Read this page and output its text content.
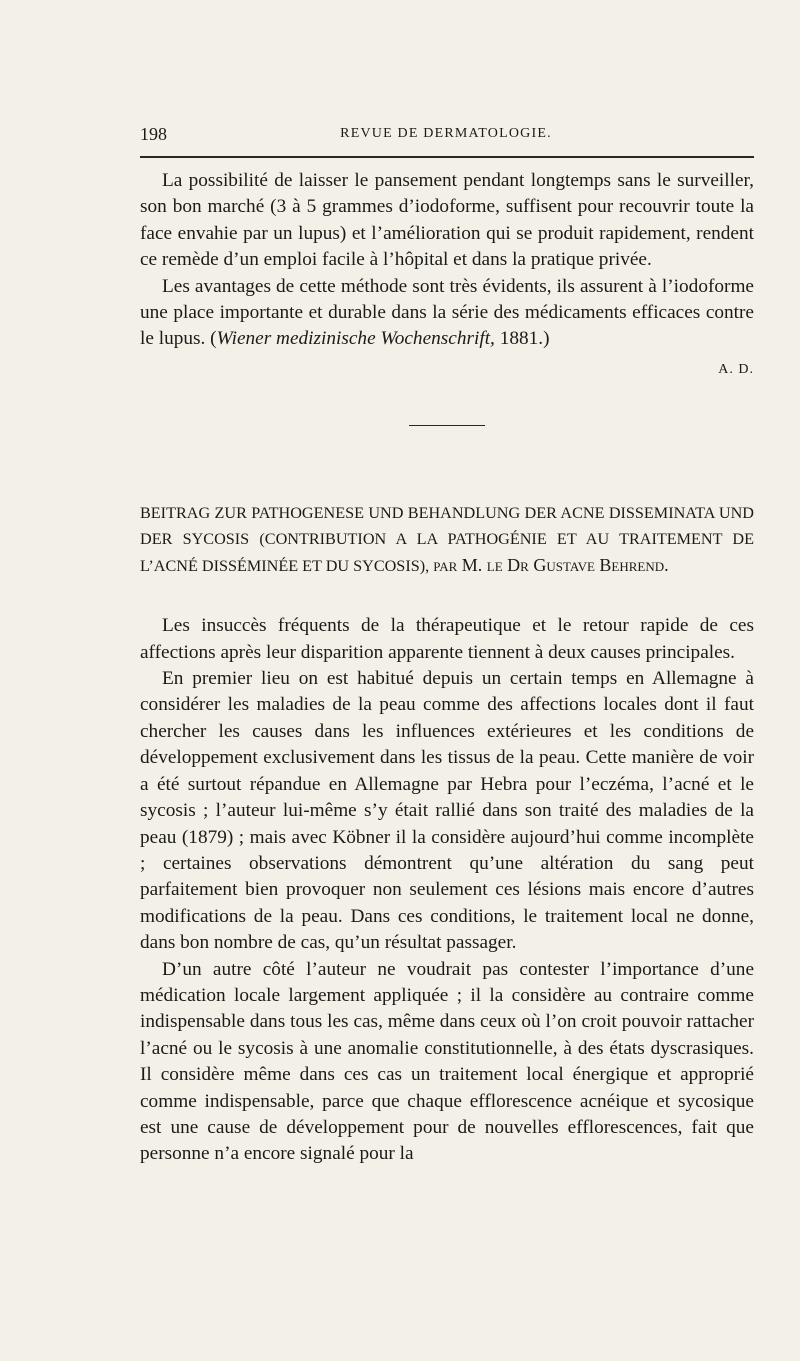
198	REVUE DE DERMATOLOGIE.

La possibilité de laisser le pansement pendant longtemps sans le surveiller, son bon marché (3 à 5 grammes d’iodoforme, suffisent pour recouvrir toute la face envahie par un lupus) et l’amélioration qui se produit rapidement, rendent ce remède d’un emploi facile à l’hôpital et dans la pratique privée.

Les avantages de cette méthode sont très évidents, ils assurent à l’iodoforme une place importante et durable dans la série des médicaments efficaces contre le lupus. (Wiener medizinische Wochenschrift, 1881.)

A. D.

BEITRAG ZUR PATHOGENESE UND BEHANDLUNG DER ACNE DISSEMINATA UND DER SYCOSIS (CONTRIBUTION A LA PATHOGÉNIE ET AU TRAITEMENT DE L’ACNÉ DISSÉMINÉE ET DU SYCOSIS), par M. le Dr Gustave Behrend.

Les insuccès fréquents de la thérapeutique et le retour rapide de ces affections après leur disparition apparente tiennent à deux causes principales.

En premier lieu on est habitué depuis un certain temps en Allemagne à considérer les maladies de la peau comme des affections locales dont il faut chercher les causes dans les influences extérieures et les conditions de développement exclusivement dans les tissus de la peau. Cette manière de voir a été surtout répandue en Allemagne par Hebra pour l’eczéma, l’acné et le sycosis ; l’auteur lui-même s’y était rallié dans son traité des maladies de la peau (1879) ; mais avec Köbner il la considère aujourd’hui comme incomplète ; certaines observations démontrent qu’une altération du sang peut parfaitement bien provoquer non seulement ces lésions mais encore d’autres modifications de la peau. Dans ces conditions, le traitement local ne donne, dans bon nombre de cas, qu’un résultat passager.

D’un autre côté l’auteur ne voudrait pas contester l’importance d’une médication locale largement appliquée ; il la considère au contraire comme indispensable dans tous les cas, même dans ceux où l’on croit pouvoir rattacher l’acné ou le sycosis à une anomalie constitutionnelle, à des états dyscrasiques. Il considère même dans ces cas un traitement local énergique et approprié comme indispensable, parce que chaque efflorescence acnéique et sycosique est une cause de développement pour de nouvelles efflorescences, fait que personne n’a encore signalé pour la
